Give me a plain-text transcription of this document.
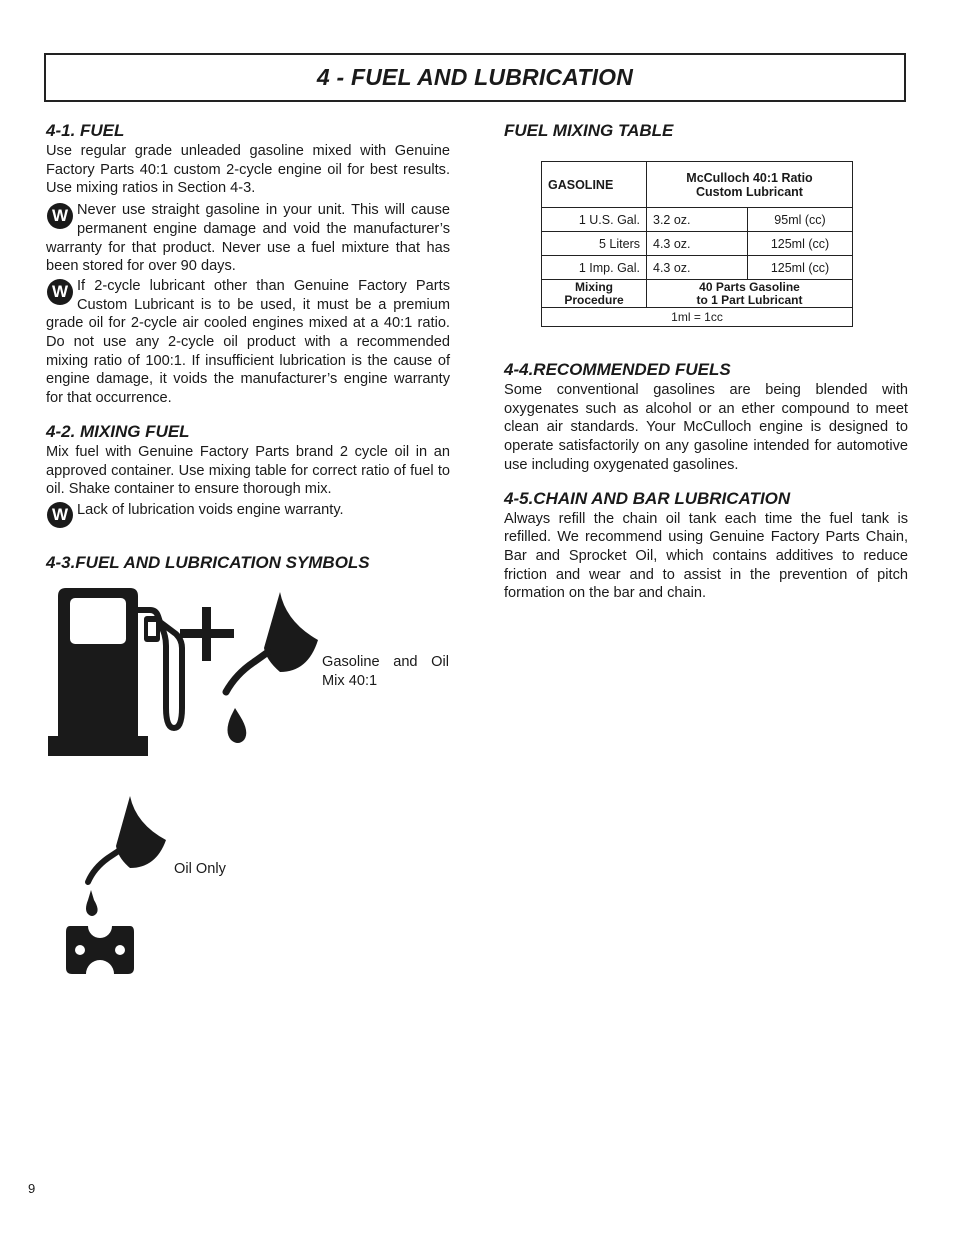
4 - FUEL AND LUBRICATION
4-1. FUEL

Use regular grade unleaded gasoline mixed with Genuine Factory Parts 40:1 custom 2-cycle engine oil for best results. Use mixing ratios in Section 4-3.

W Never use straight gasoline in your unit. This will cause permanent engine damage and void the manufacturer’s warranty for that product. Never use a fuel mixture that has been stored for over 90 days.

W If 2-cycle lubricant other than Genuine Factory Parts Custom Lubricant is to be used, it must be a premium grade oil for 2-cycle air cooled engines mixed at a 40:1 ratio. Do not use any 2-cycle oil product with a recommended mixing ratio of 100:1. If insufficient lubrication is the cause of engine damage, it voids the manufacturer’s engine warranty for that occurrence.

4-2. MIXING FUEL

Mix fuel with Genuine Factory Parts brand 2 cycle oil in an approved container. Use mixing table for correct ratio of fuel to oil. Shake container to ensure thorough mix.

W Lack of lubrication voids engine warranty.

4-3.FUEL AND LUBRICATION SYMBOLS
Gasoline and Oil Mix 40:1
Oil Only
FUEL MIXING TABLE
GASOLINE	McCulloch 40:1 Ratio
Custom Lubricant	
1 U.S. Gal.	3.2 oz.	95ml (cc)
5 Liters	4.3 oz.	125ml (cc)
1 Imp. Gal.	4.3 oz.	125ml (cc)
Mixing
Procedure	40 Parts Gasoline
to 1 Part Lubricant	
1ml = 1cc		
4-4.RECOMMENDED FUELS

Some conventional gasolines are being blended with oxygenates such as alcohol or an ether compound to meet clean air standards. Your McCulloch engine is designed to operate satisfactorily on any gasoline intended for automotive use including oxygenated gasolines.

4-5.CHAIN AND BAR LUBRICATION

Always refill the chain oil tank each time the fuel tank is refilled. We recommend using Genuine Factory Parts Chain, Bar and Sprocket Oil, which contains additives to reduce friction and wear and to assist in the prevention of pitch formation on the bar and chain.

9
